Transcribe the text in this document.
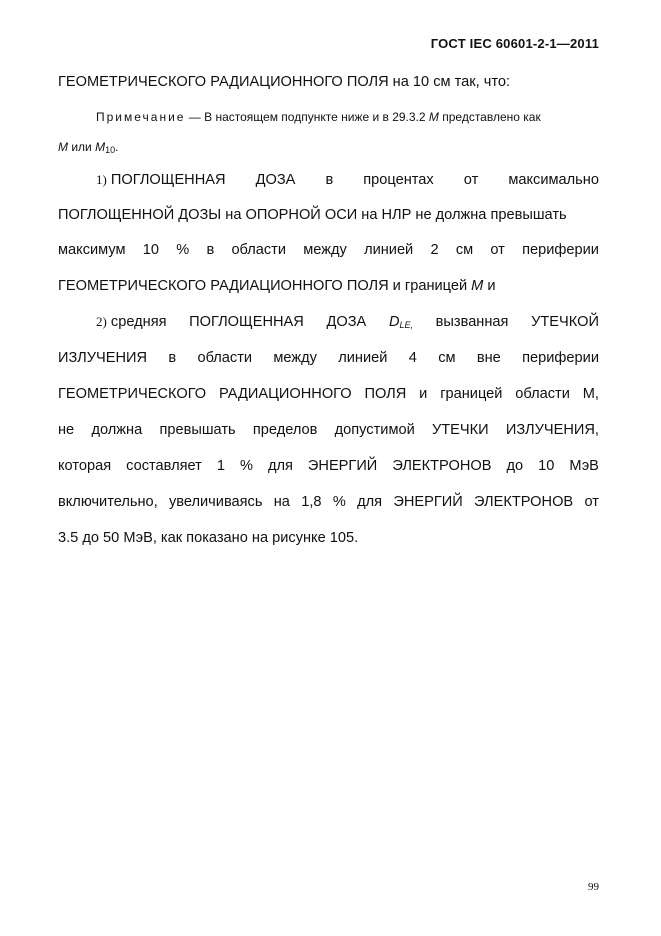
ГОСТ IEC 60601-2-1—2011
ГЕОМЕТРИЧЕСКОГО РАДИАЦИОННОГО ПОЛЯ на 10 см так, что:
Примечание — В настоящем подпункте ниже и в 29.3.2 M представлено как
M или $M_{10}$.
1) ПОГЛОЩЕННАЯ ДОЗА в процентах от максимально
ПОГЛОЩЕННОЙ ДОЗЫ на ОПОРНОЙ ОСИ на НЛР не должна превышать
максимум 10 % в области между линией 2 см от периферии
ГЕОМЕТРИЧЕСКОГО РАДИАЦИОННОГО ПОЛЯ и границей M и
2) средняя ПОГЛОЩЕННАЯ ДОЗА $D_{LE,}$ вызванная УТЕЧКОЙ
ИЗЛУЧЕНИЯ в области между линией 4 см вне периферии
ГЕОМЕТРИЧЕСКОГО РАДИАЦИОННОГО ПОЛЯ и границей области М,
не должна превышать пределов допустимой УТЕЧКИ ИЗЛУЧЕНИЯ,
которая составляет 1 % для ЭНЕРГИЙ ЭЛЕКТРОНОВ до 10 МэВ
включительно, увеличиваясь на 1,8 % для ЭНЕРГИЙ ЭЛЕКТРОНОВ от
3.5 до 50 МэВ, как показано на рисунке 105.
99
